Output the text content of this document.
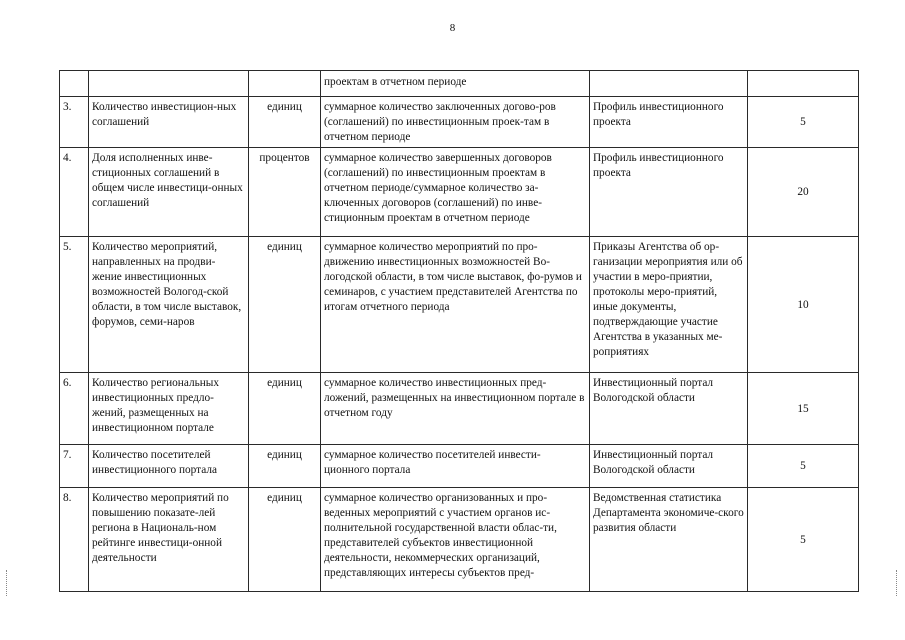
8
			проектам в отчетном периоде		
3.	Количество инвестицион-ных соглашений	единиц	суммарное количество заключенных догово-ров (соглашений) по инвестиционным проек-там в отчетном периоде	Профиль инвестиционного проекта	5
4.	Доля исполненных инве-стиционных соглашений в общем числе инвестици-онных соглашений	процентов	суммарное количество завершенных договоров (соглашений) по инвестиционным проектам в отчетном периоде/суммарное количество за-ключенных договоров (соглашений) по инве-стиционным проектам в отчетном периоде	Профиль инвестиционного проекта	20
5.	Количество мероприятий, направленных на продви-жение инвестиционных возможностей Вологод-ской области, в том числе выставок, форумов, семи-наров	единиц	суммарное количество мероприятий по про-движению инвестиционных возможностей Во-логодской области, в том числе выставок, фо-румов и семинаров, с участием представителей Агентства по итогам отчетного периода	Приказы Агентства об ор-ганизации мероприятия или об участии в меро-приятии, протоколы меро-приятий, иные документы, подтверждающие участие Агентства в указанных ме-роприятиях	10
6.	Количество региональных инвестиционных предло-жений, размещенных на инвестиционном портале	единиц	суммарное количество инвестиционных пред-ложений, размещенных на инвестиционном портале в отчетном году	Инвестиционный портал Вологодской области	15
7.	Количество посетителей инвестиционного портала	единиц	суммарное количество посетителей инвести-ционного портала	Инвестиционный портал Вологодской области	5
8.	Количество мероприятий по повышению показате-лей региона в Националь-ном рейтинге инвестици-онной деятельности	единиц	суммарное количество организованных и про-веденных мероприятий с участием органов ис-полнительной государственной власти облас-ти, представителей субъектов инвестиционной деятельности, некоммерческих организаций, представляющих интересы субъектов пред-	Ведомственная статистика Департамента экономиче-ского развития области	5
